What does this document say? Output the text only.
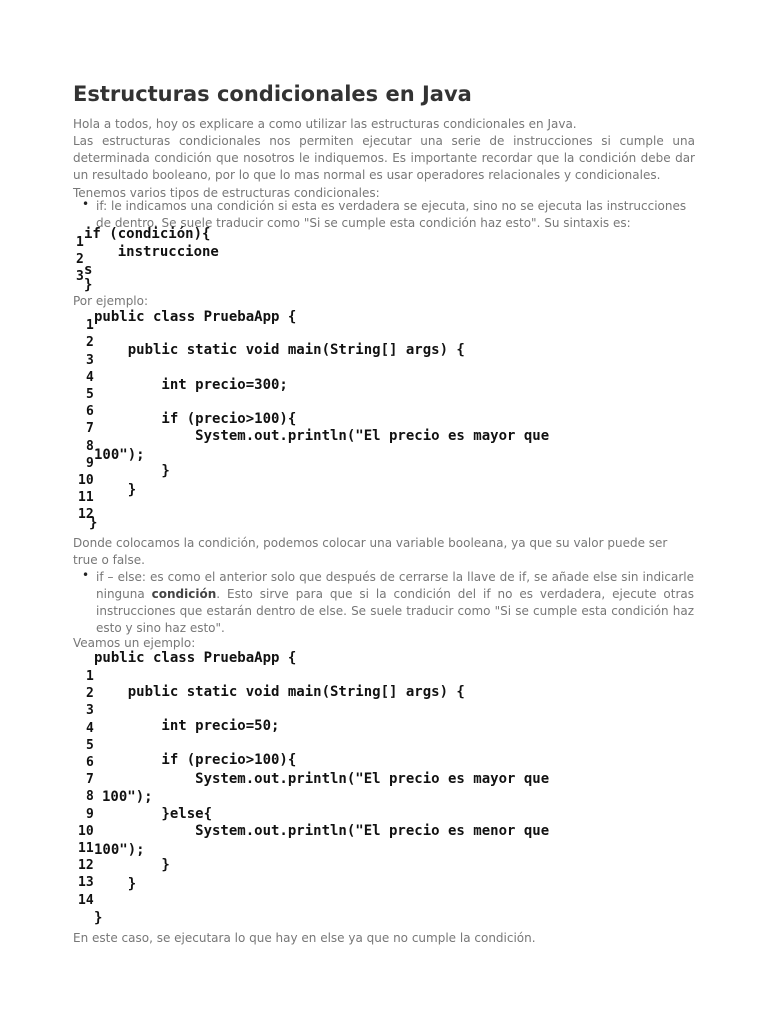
Estructuras condicionales en Java
Hola a todos, hoy os explicare a como utilizar las estructuras condicionales en Java.
Las estructuras condicionales nos permiten ejecutar una serie de instrucciones si cumple una determinada condición que nosotros le indiquemos. Es importante recordar que la condición debe dar un resultado booleano, por lo que lo mas normal es usar operadores relacionales y condicionales.
Tenemos varios tipos de estructuras condicionales:
• if: le indicamos una condición si esta es verdadera se ejecuta, sino no se ejecuta las instrucciones de dentro. Se suele traducir como "Si se cumple esta condición haz esto". Su sintaxis es:
if (condición){
instruccione
s
}
1
2
3
Por ejemplo:
public class PruebaApp {
public static void main(String[] args) {
int precio=300;
if (precio>100){
System.out.println("El precio es mayor que
100");
}
}
}
1
2
3
4
5
6
7
8
9
10
11
12
Donde colocamos la condición, podemos colocar una variable booleana, ya que su valor puede ser true o false.
• if – else: es como el anterior solo que después de cerrarse la llave de if, se añade else sin indicarle ninguna condición. Esto sirve para que si la condición del if no es verdadera, ejecute otras instrucciones que estarán dentro de else. Se suele traducir como "Si se cumple esta condición haz esto y sino haz esto".
Veamos un ejemplo:
public class PruebaApp {
public static void main(String[] args) {
int precio=50;
if (precio>100){
System.out.println("El precio es mayor que
100");
}else{
System.out.println("El precio es menor que
100");
}
}
}
1
2
3
4
5
6
7
8
9
10
11
12
13
14
En este caso, se ejecutara lo que hay en else ya que no cumple la condición.
